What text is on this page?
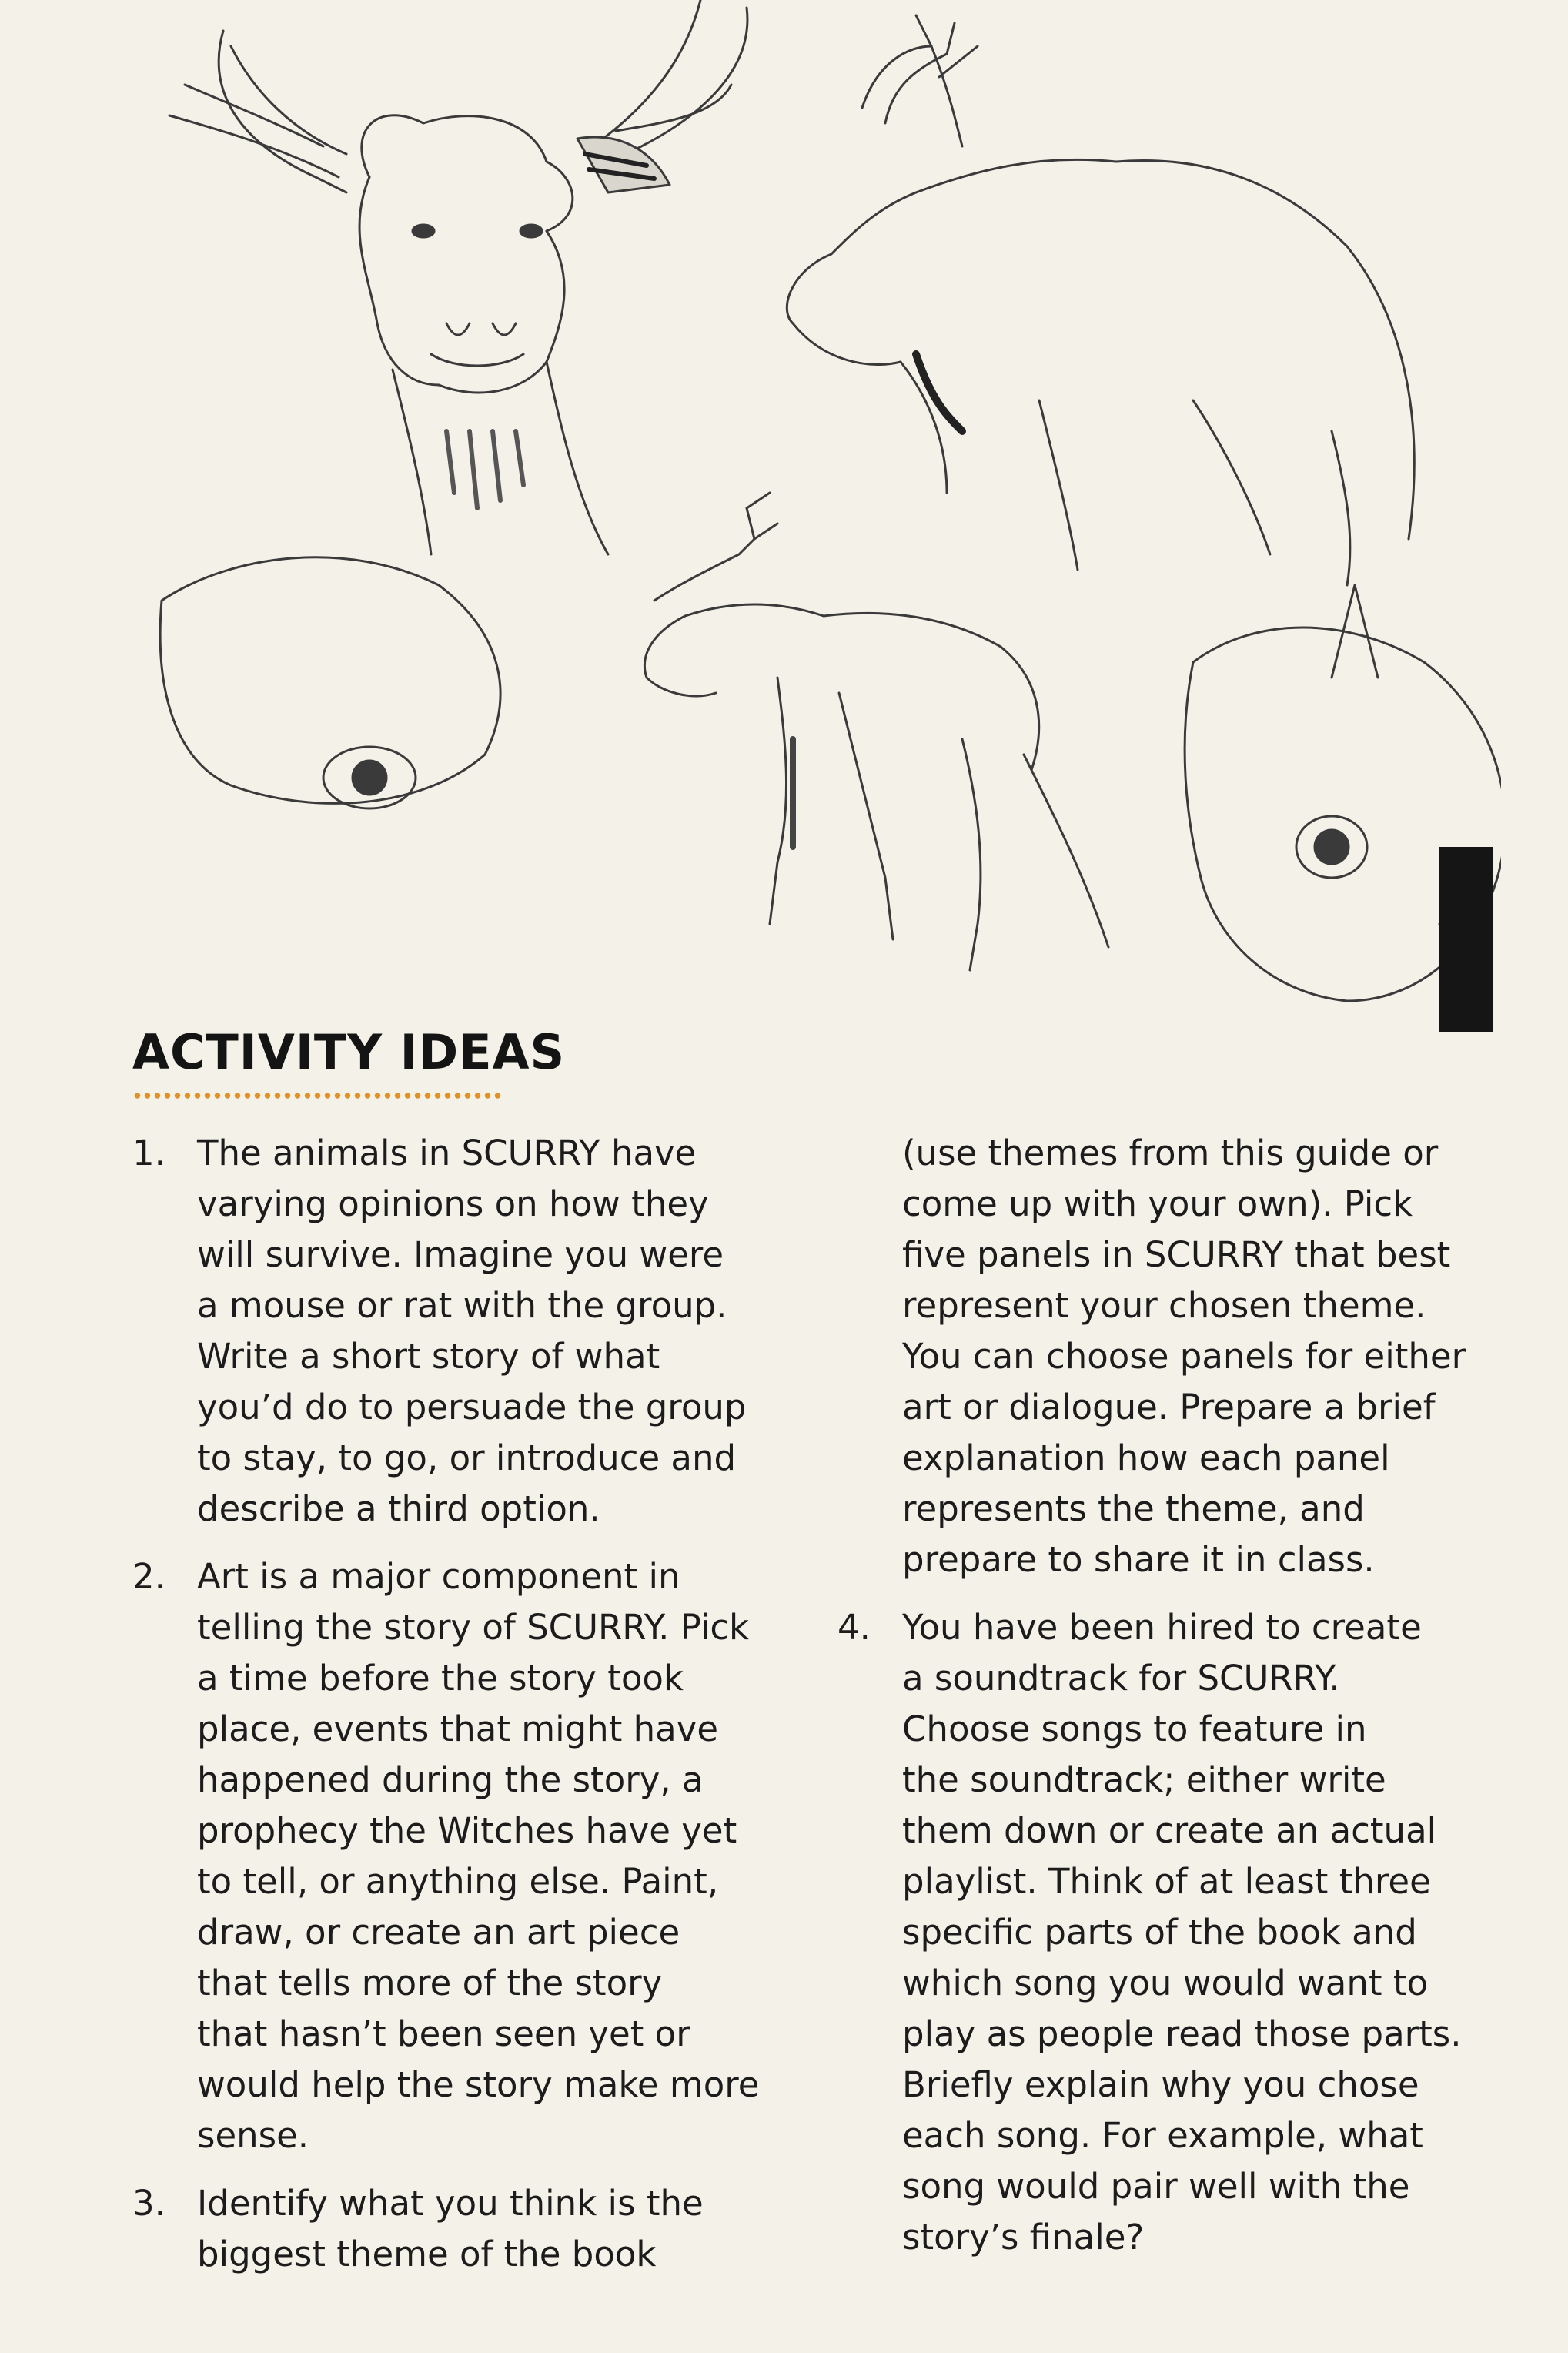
ACTIVITY IDEAS
1. The animals in SCURRY have
varying opinions on how they
will survive. Imagine you were
a mouse or rat with the group.
Write a short story of what
you’d do to persuade the group
to stay, to go, or introduce and
describe a third option.
2. Art is a major component in
telling the story of SCURRY. Pick
a time before the story took
place, events that might have
happened during the story, a
prophecy the Witches have yet
to tell, or anything else. Paint,
draw, or create an art piece
that tells more of the story
that hasn’t been seen yet or
would help the story make more
sense.
3. Identify what you think is the
biggest theme of the book
(use themes from this guide or
come up with your own). Pick
five panels in SCURRY that best
represent your chosen theme.
You can choose panels for either
art or dialogue. Prepare a brief
explanation how each panel
represents the theme, and
prepare to share it in class.
4. You have been hired to create
a soundtrack for SCURRY.
Choose songs to feature in
the soundtrack; either write
them down or create an actual
playlist. Think of at least three
specific parts of the book and
which song you would want to
play as people read those parts.
Briefly explain why you chose
each song. For example, what
song would pair well with the
story’s finale?
